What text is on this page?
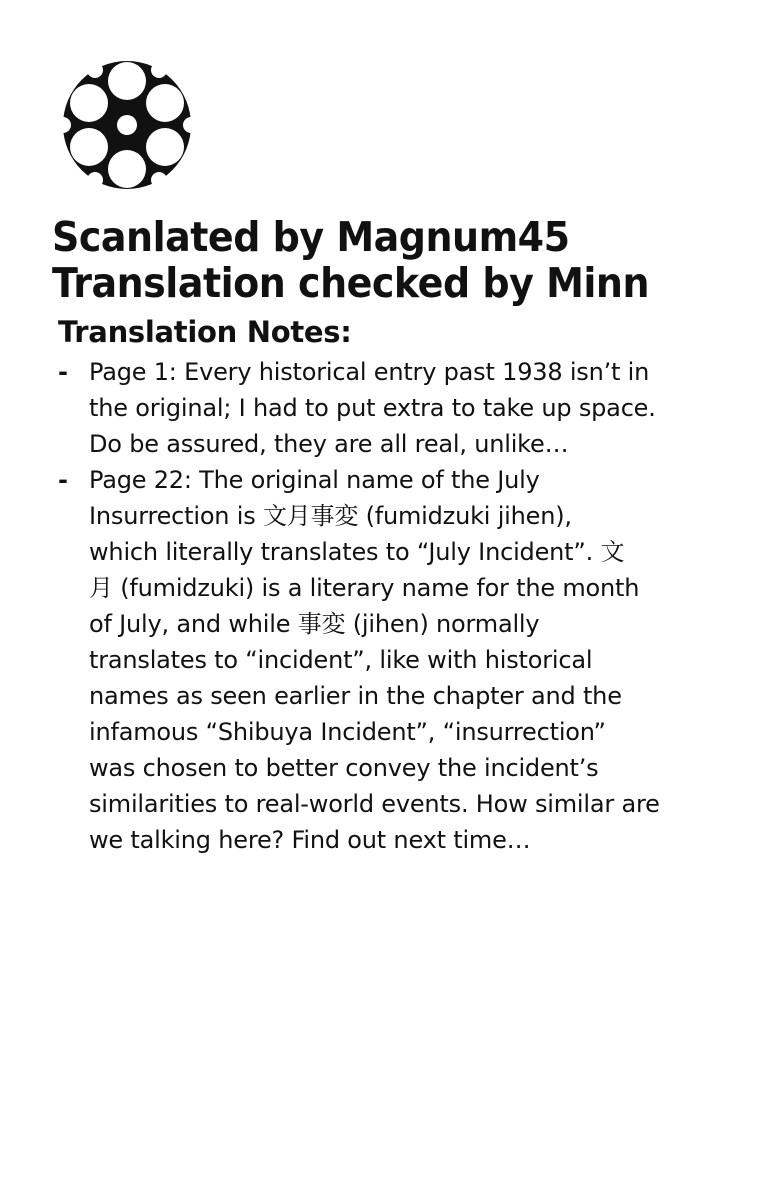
Scanlated by Magnum45
Translation checked by Minn
Translation Notes:
- Page 1: Every historical entry past 1938 isn’t in
the original; I had to put extra to take up space.
Do be assured, they are all real, unlike…
- Page 22: The original name of the July
Insurrection is 文月事変 (fumidzuki jihen),
which literally translates to “July Incident”. 文
月 (fumidzuki) is a literary name for the month
of July, and while 事変 (jihen) normally
translates to “incident”, like with historical
names as seen earlier in the chapter and the
infamous “Shibuya Incident”, “insurrection”
was chosen to better convey the incident’s
similarities to real-world events. How similar are
we talking here? Find out next time…
